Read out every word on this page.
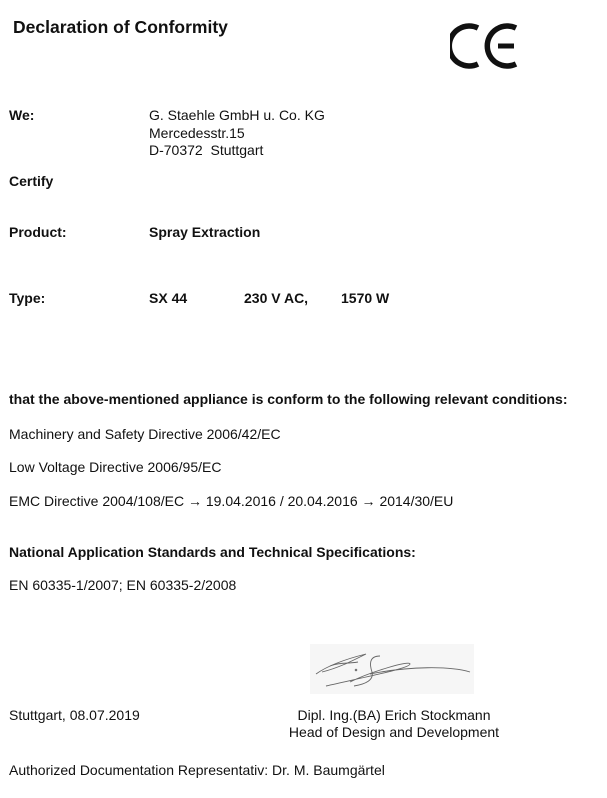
Declaration of Conformity
We:	G. Staehle GmbH u. Co. KG
Mercedesstr.15
D-70372  Stuttgart
Certify
Product:	Spray Extraction
Type:	SX 44	230 V AC, 1570 W
that the above-mentioned appliance is conform to the following relevant conditions:
Machinery and Safety Directive 2006/42/EC
Low Voltage Directive 2006/95/EC
EMC Directive 2004/108/EC → 19.04.2016 / 20.04.2016 → 2014/30/EU
National Application Standards and Technical Specifications:
EN 60335-1/2007; EN 60335-2/2008
Stuttgart, 08.07.2019	Dipl. Ing.(BA) Erich Stockmann
Head of Design and Development
Authorized Documentation Representativ: Dr. M. Baumgärtel
